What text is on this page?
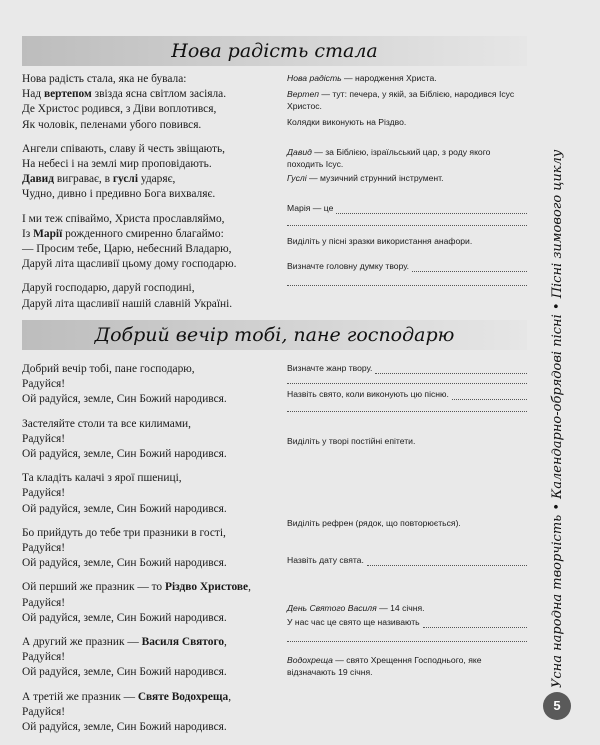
Нова радість стала
Нова радість стала, яка не бувала:
Над вертепом звізда ясна світлом засіяла.
Де Христос родився, з Діви воплотився,
Як чоловік, пеленами убого повився.
Ангели співають, славу й честь звіщають,
На небесі і на землі мир проповідають.
Давид виграває, в гуслі ударяє,
Чудно, дивно і предивно Бога вихваляє.
І ми теж співаймо, Христа прославляймо,
Із Марії рожденного смиренно благаймо:
— Просим тебе, Царю, небесний Владарю,
Даруй літа щасливії цьому дому господарю.
Даруй господарю, даруй господині,
Даруй літа щасливії нашій славній Україні.
Нова радість — народження Христа.
Вертеп — тут: печера, у якій, за Біблією, народився Ісус Христос.
Колядки виконують на Різдво.
Давид — за Біблією, ізраїльський цар, з роду якого походить Ісус.
Гуслі — музичний струнний інструмент.
Марія — це
Виділіть у пісні зразки використання анафори.
Визначте головну думку твору.
Добрий вечір тобі, пане господарю
Добрий вечір тобі, пане господарю,
Радуйся!
Ой радуйся, земле, Син Божий народився.
Застеляйте столи та все килимами,
Радуйся!
Ой радуйся, земле, Син Божий народився.
Та кладіть калачі з ярої пшениці,
Радуйся!
Ой радуйся, земле, Син Божий народився.
Бо прийдуть до тебе три празники в гості,
Радуйся!
Ой радуйся, земле, Син Божий народився.
Ой перший же празник — то Різдво Христове,
Радуйся!
Ой радуйся, земле, Син Божий народився.
А другий же празник — Василя Святого,
Радуйся!
Ой радуйся, земле, Син Божий народився.
А третій же празник — Святе Водохреща,
Радуйся!
Ой радуйся, земле, Син Божий народився.
Визначте жанр твору.
Назвіть свято, коли виконують цю пісню.
Виділіть у творі постійні епітети.
Виділіть рефрен (рядок, що повторюється).
Назвіть дату свята.
День Святого Василя — 14 січня.
У нас час це свято ще називають
Водохреща — свято Хрещення Господнього, яке відзначають 19 січня.	Усна народна творчість • Календарно-обрядові пісні • Пісні зимового циклу
5
